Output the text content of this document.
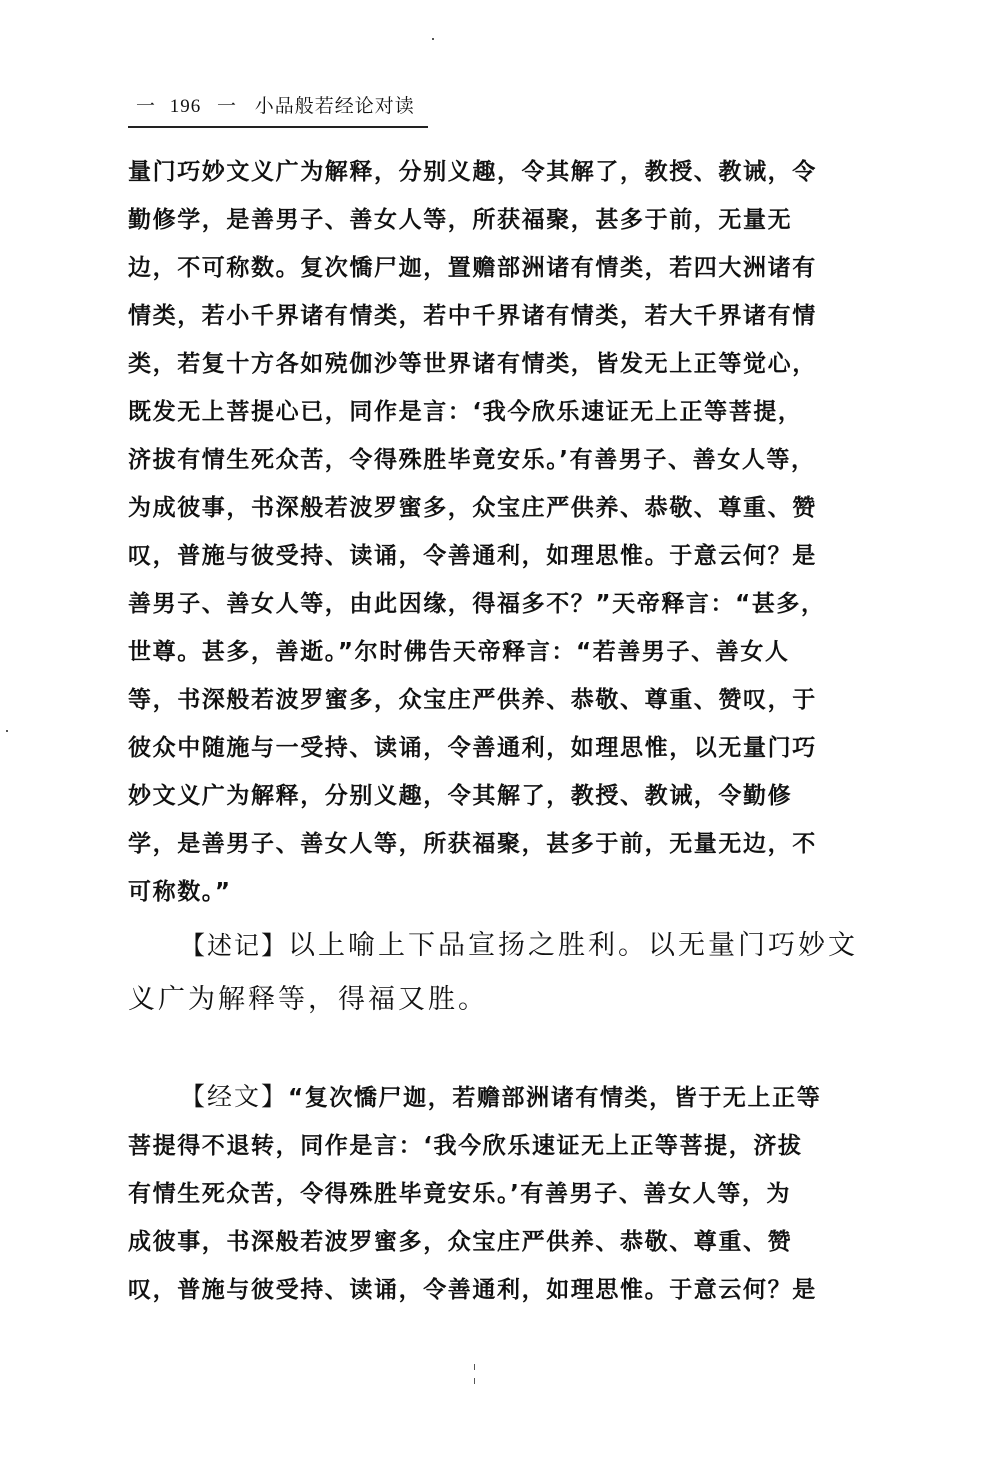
一 196 一 小品般若经论对读
量门巧妙文义广为解释，分别义趣，令其解了，教授、教诫，令
勤修学，是善男子、善女人等，所获福聚，甚多于前，无量无
边，不可称数。复次憍尸迦，置赡部洲诸有情类，若四大洲诸有
情类，若小千界诸有情类，若中千界诸有情类，若大千界诸有情
类，若复十方各如殑伽沙等世界诸有情类，皆发无上正等觉心，
既发无上菩提心已，同作是言：‘我今欣乐速证无上正等菩提，
济拔有情生死众苦，令得殊胜毕竟安乐。’有善男子、善女人等，
为成彼事，书深般若波罗蜜多，众宝庄严供养、恭敬、尊重、赞
叹，普施与彼受持、读诵，令善通利，如理思惟。于意云何？是
善男子、善女人等，由此因缘，得福多不？”天帝释言：“甚多，
世尊。甚多，善逝。”尔时佛告天帝释言：“若善男子、善女人
等，书深般若波罗蜜多，众宝庄严供养、恭敬、尊重、赞叹，于
彼众中随施与一受持、读诵，令善通利，如理思惟，以无量门巧
妙文义广为解释，分别义趣，令其解了，教授、教诫，令勤修
学，是善男子、善女人等，所获福聚，甚多于前，无量无边，不
可称数。”
【述记】以上喻上下品宣扬之胜利。以无量门巧妙文
义广为解释等，得福又胜。
【经文】“复次憍尸迦，若赡部洲诸有情类，皆于无上正等
菩提得不退转，同作是言：‘我今欣乐速证无上正等菩提，济拔
有情生死众苦，令得殊胜毕竟安乐。’有善男子、善女人等，为
成彼事，书深般若波罗蜜多，众宝庄严供养、恭敬、尊重、赞
叹，普施与彼受持、读诵，令善通利，如理思惟。于意云何？是
